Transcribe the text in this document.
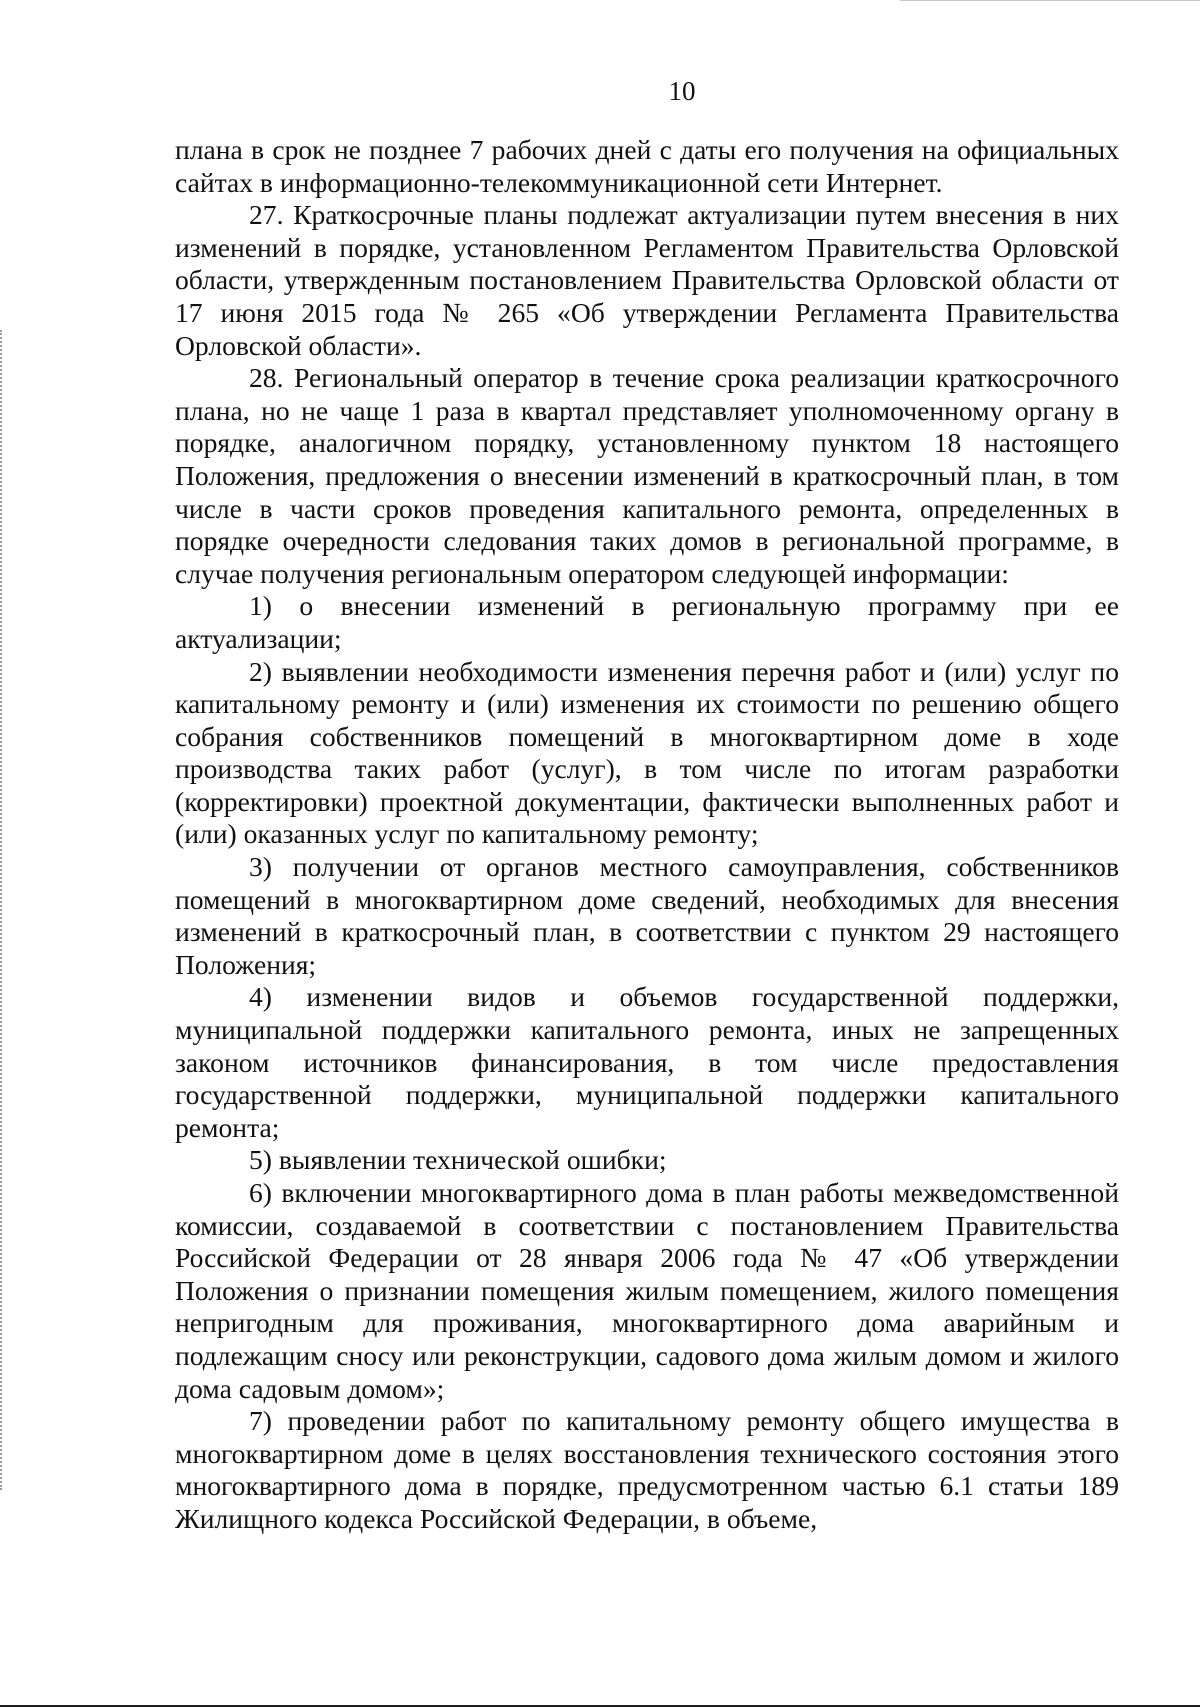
10

плана в срок не позднее 7 рабочих дней с даты его получения на официальных сайтах в информационно-телекоммуникационной сети Интернет.

27. Краткосрочные планы подлежат актуализации путем внесения в них изменений в порядке, установленном Регламентом Правительства Орловской области, утвержденным постановлением Правительства Орловской области от 17 июня 2015 года № 265 «Об утверждении Регламента Правительства Орловской области».

28. Региональный оператор в течение срока реализации краткосрочного плана, но не чаще 1 раза в квартал представляет уполномоченному органу в порядке, аналогичном порядку, установленному пунктом 18 настоящего Положения, предложения о внесении изменений в краткосрочный план, в том числе в части сроков проведения капитального ремонта, определенных в порядке очередности следования таких домов в региональной программе, в случае получения региональным оператором следующей информации:

1) о внесении изменений в региональную программу при ее актуализации;

2) выявлении необходимости изменения перечня работ и (или) услуг по капитальному ремонту и (или) изменения их стоимости по решению общего собрания собственников помещений в многоквартирном доме в ходе производства таких работ (услуг), в том числе по итогам разработки (корректировки) проектной документации, фактически выполненных работ и (или) оказанных услуг по капитальному ремонту;

3) получении от органов местного самоуправления, собственников помещений в многоквартирном доме сведений, необходимых для внесения изменений в краткосрочный план, в соответствии с пунктом 29 настоящего Положения;

4) изменении видов и объемов государственной поддержки, муниципальной поддержки капитального ремонта, иных не запрещенных законом источников финансирования, в том числе предоставления государственной поддержки, муниципальной поддержки капитального ремонта;

5) выявлении технической ошибки;

6) включении многоквартирного дома в план работы межведомственной комиссии, создаваемой в соответствии с постановлением Правительства Российской Федерации от 28 января 2006 года № 47 «Об утверждении Положения о признании помещения жилым помещением, жилого помещения непригодным для проживания, многоквартирного дома аварийным и подлежащим сносу или реконструкции, садового дома жилым домом и жилого дома садовым домом»;

7) проведении работ по капитальному ремонту общего имущества в многоквартирном доме в целях восстановления технического состояния этого многоквартирного дома в порядке, предусмотренном частью 6.1 статьи 189 Жилищного кодекса Российской Федерации, в объеме,
